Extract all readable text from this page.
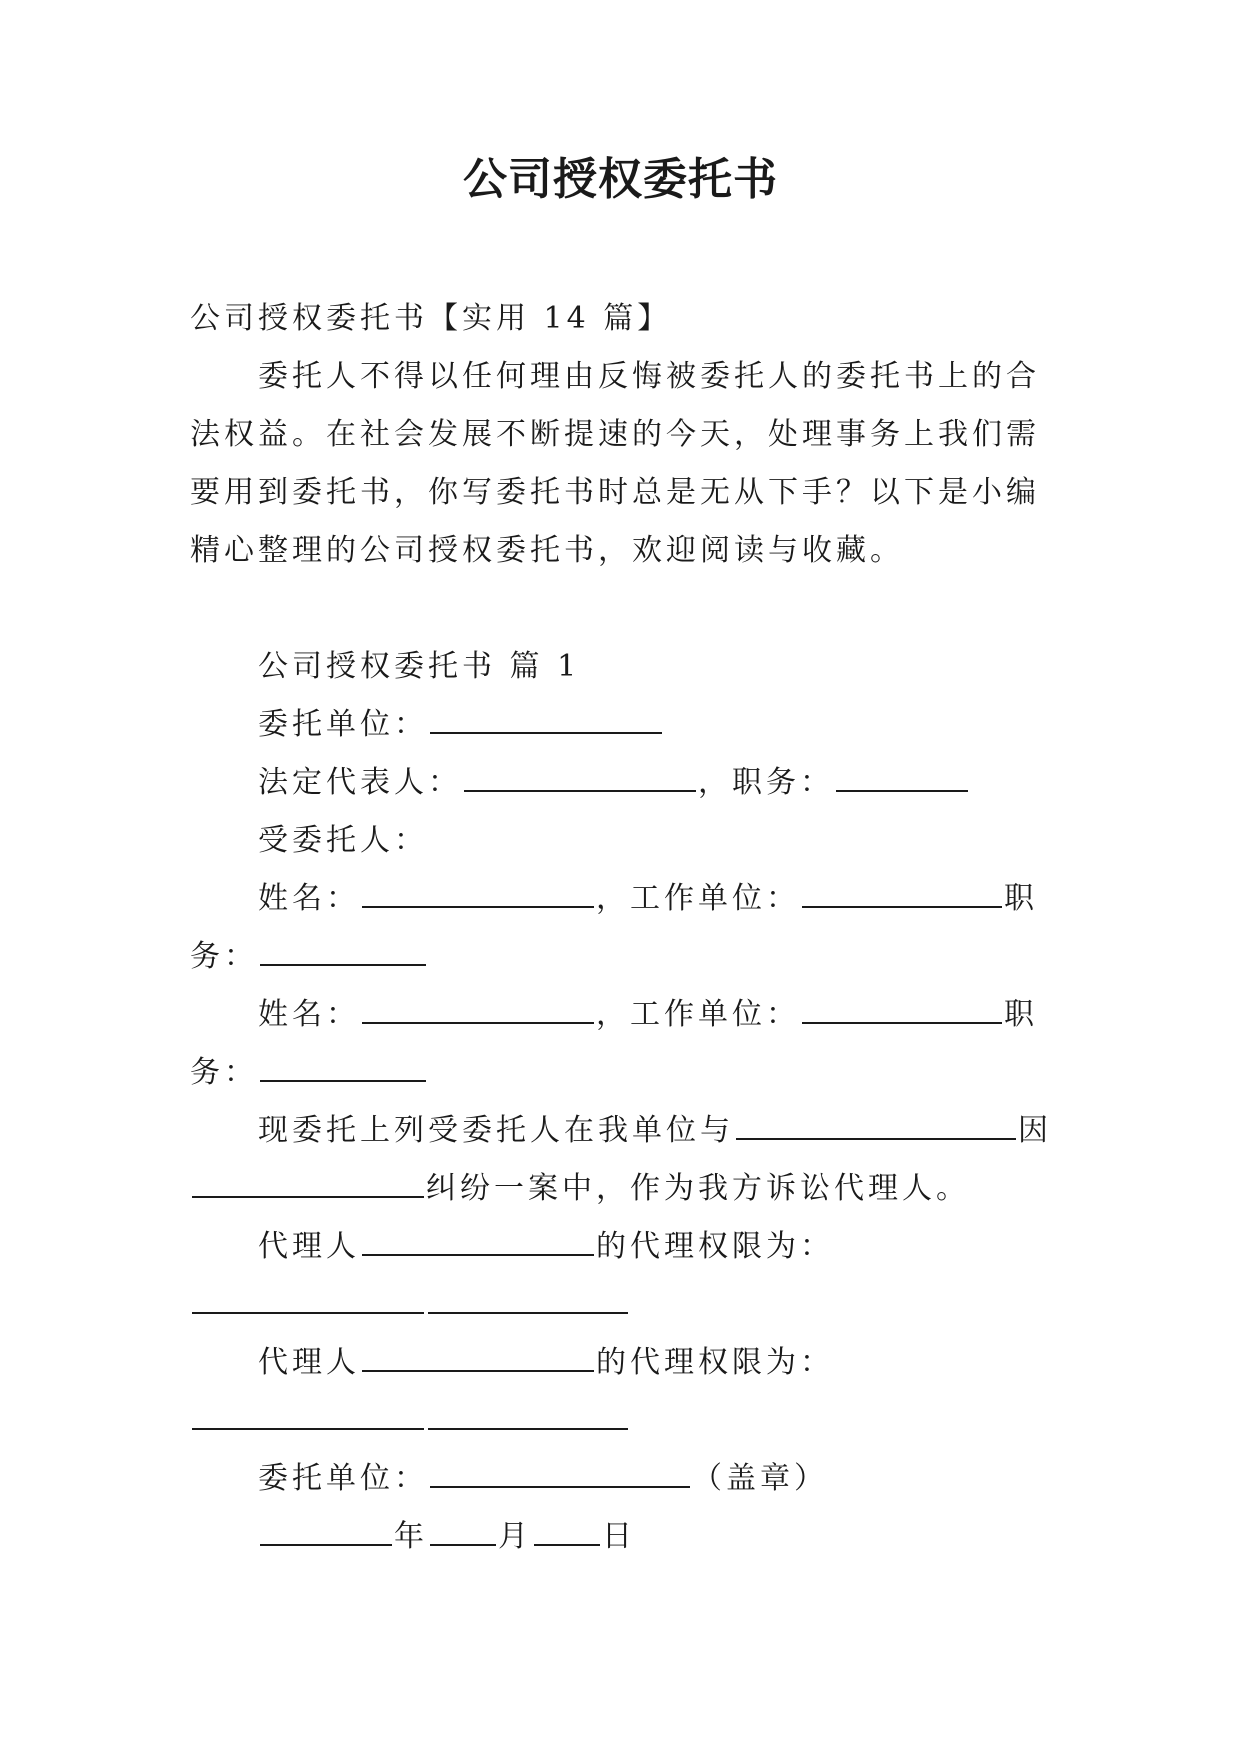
公司授权委托书

公司授权委托书【实用 14 篇】

委托人不得以任何理由反悔被委托人的委托书上的合法权益。在社会发展不断提速的今天，处理事务上我们需要用到委托书，你写委托书时总是无从下手？以下是小编精心整理的公司授权委托书，欢迎阅读与收藏。

公司授权委托书 篇 1

委托单位：

法定代表人：	，职务：

受委托人：

姓名：	，工作单位：	职务：

姓名：	，工作单位：	职务：

现委托上列受委托人在我单位与	因纠纷一案中，作为我方诉讼代理人。

代理人	的代理权限为：

代理人	的代理权限为：

委托单位：	（盖章）

年 月 日
